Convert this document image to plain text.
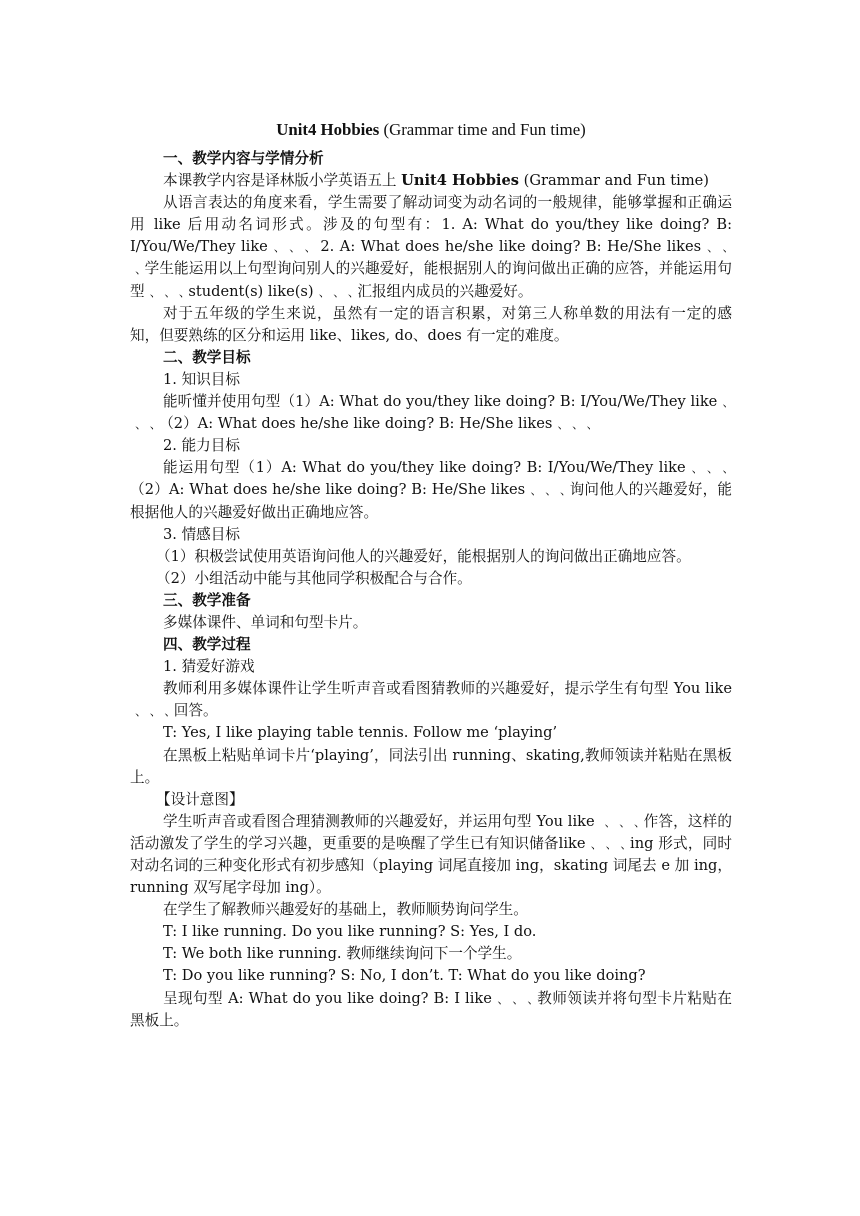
Unit4 Hobbies (Grammar time and Fun time)

一、教学内容与学情分析

本课教学内容是译林版小学英语五上 Unit4 Hobbies (Grammar and Fun time)

从语言表达的角度来看，学生需要了解动词变为动名词的一般规律，能够掌握和正确运用 like 后用动名词形式。涉及的句型有：1. A: What do you/they like doing? B: I/You/We/They like﹑﹑﹑ 2. A: What does he/she like doing? B: He/She likes﹑﹑﹑学生能运用以上句型询问别人的兴趣爱好，能根据别人的询问做出正确的应答，并能运用句型﹑﹑﹑student(s) like(s)﹑﹑﹑汇报组内成员的兴趣爱好。

对于五年级的学生来说，虽然有一定的语言积累，对第三人称单数的用法有一定的感知，但要熟练的区分和运用 like、likes, do、does 有一定的难度。

二、教学目标

1. 知识目标

能听懂并使用句型（1）A: What do you/they like doing? B: I/You/We/They like﹑﹑﹑（2）A: What does he/she like doing? B: He/She likes﹑﹑﹑

2. 能力目标

能运用句型（1）A: What do you/they like doing? B: I/You/We/They like﹑﹑﹑（2）A: What does he/she like doing? B: He/She likes﹑﹑﹑询问他人的兴趣爱好，能根据他人的兴趣爱好做出正确地应答。

3. 情感目标

（1）积极尝试使用英语询问他人的兴趣爱好，能根据别人的询问做出正确地应答。

（2）小组活动中能与其他同学积极配合与合作。

三、教学准备

多媒体课件、单词和句型卡片。

四、教学过程

1. 猜爱好游戏

教师利用多媒体课件让学生听声音或看图猜教师的兴趣爱好，提示学生有句型 You like﹑﹑﹑回答。

T: Yes, I like playing table tennis. Follow me ‘playing’

在黑板上粘贴单词卡片‘playing’，同法引出 running、skating,教师领读并粘贴在黑板上。

【设计意图】

学生听声音或看图合理猜测教师的兴趣爱好，并运用句型 You like ﹑﹑﹑作答，这样的活动激发了学生的学习兴趣，更重要的是唤醒了学生已有知识储备like﹑﹑﹑ing 形式，同时对动名词的三种变化形式有初步感知（playing 词尾直接加 ing，skating 词尾去 e 加 ing，running 双写尾字母加 ing）。

在学生了解教师兴趣爱好的基础上，教师顺势询问学生。

T: I like running. Do you like running? S: Yes, I do.

T: We both like running. 教师继续询问下一个学生。

T: Do you like running? S: No, I don’t. T: What do you like doing?

呈现句型 A: What do you like doing? B: I like﹑﹑﹑教师领读并将句型卡片粘贴在黑板上。
